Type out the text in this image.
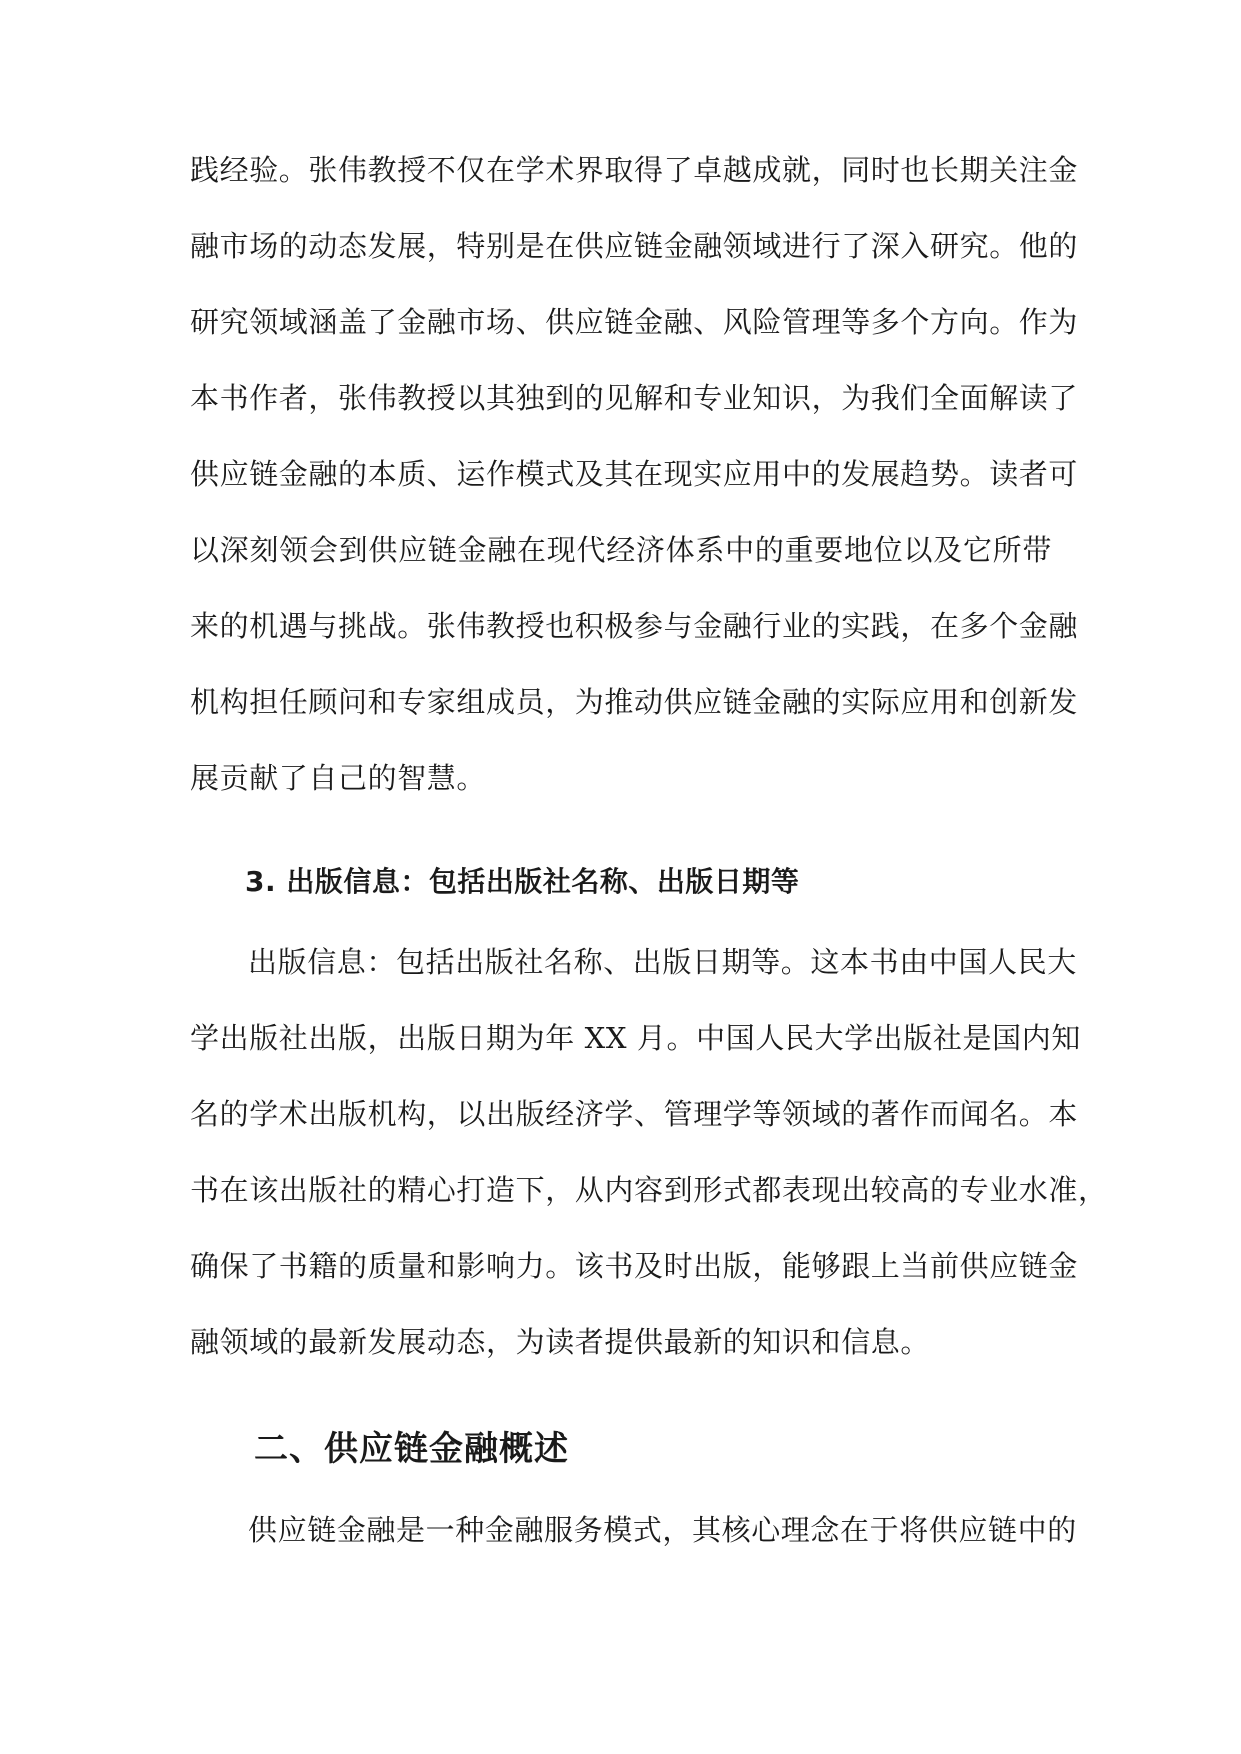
践经验。张伟教授不仅在学术界取得了卓越成就，同时也长期关注金
融市场的动态发展，特别是在供应链金融领域进行了深入研究。他的
研究领域涵盖了金融市场、供应链金融、风险管理等多个方向。作为
本书作者，张伟教授以其独到的见解和专业知识，为我们全面解读了
供应链金融的本质、运作模式及其在现实应用中的发展趋势。读者可
以深刻领会到供应链金融在现代经济体系中的重要地位以及它所带
来的机遇与挑战。张伟教授也积极参与金融行业的实践，在多个金融
机构担任顾问和专家组成员，为推动供应链金融的实际应用和创新发
展贡献了自己的智慧。
3. 出版信息：包括出版社名称、出版日期等
出版信息：包括出版社名称、出版日期等。这本书由中国人民大
学出版社出版，出版日期为年 XX 月。中国人民大学出版社是国内知
名的学术出版机构，以出版经济学、管理学等领域的著作而闻名。本
书在该出版社的精心打造下，从内容到形式都表现出较高的专业水准，
确保了书籍的质量和影响力。该书及时出版，能够跟上当前供应链金
融领域的最新发展动态，为读者提供最新的知识和信息。
二、供应链金融概述
供应链金融是一种金融服务模式，其核心理念在于将供应链中的
